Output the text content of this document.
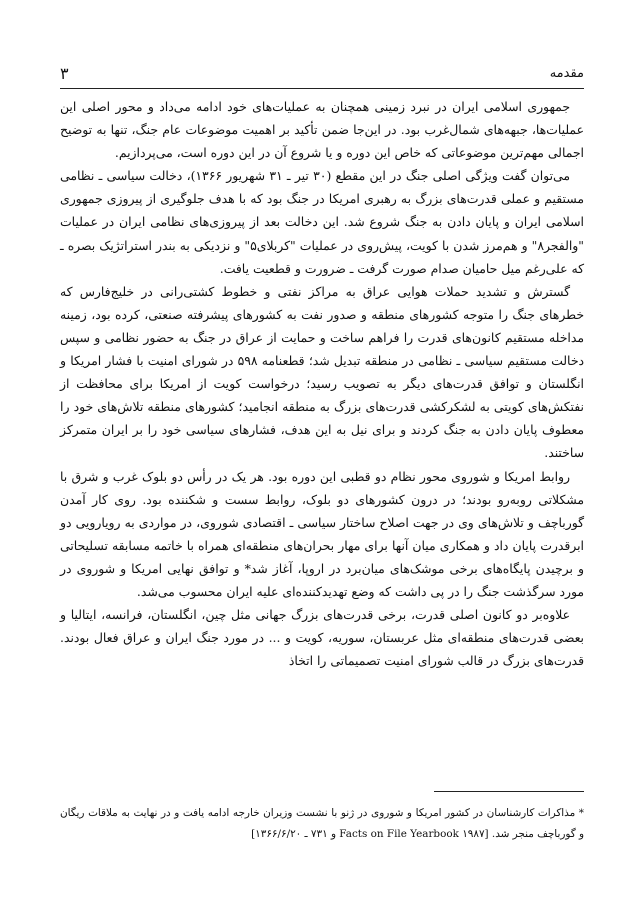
مقدمه
۳

جمهوری اسلامی ایران در نبرد زمینی همچنان به عملیات‌های خود ادامه می‌داد و محور اصلی این عملیات‌ها، جبهه‌های شمال‌غرب بود. در این‌جا ضمن تأکید بر اهمیت موضوعات عام جنگ، تنها به توضیح اجمالی مهم‌ترین موضوعاتی که خاص این دوره و یا شروع آن در این دوره است، می‌پردازیم.

می‌توان گفت ویژگی اصلی جنگ در این مقطع (۳۰ تیر ـ ۳۱ شهریور ۱۳۶۶)، دخالت سیاسی ـ نظامی مستقیم و عملی قدرت‌های بزرگ به رهبری امریکا در جنگ بود که با هدف جلوگیری از پیروزی جمهوری اسلامی ایران و پایان دادن به جنگ شروع شد. این دخالت بعد از پیروزی‌های نظامی ایران در عملیات "والفجر۸" و هم‌مرز شدن با کویت، پیش‌روی در عملیات "کربلای۵" و نزدیکی به بندر استراتژیک بصره ـ که علی‌رغم میل حامیان صدام صورت گرفت ـ ضرورت و قطعیت یافت.

گسترش و تشدید حملات هوایی عراق به مراکز نفتی و خطوط کشتی‌رانی در خلیج‌فارس که خطرهای جنگ را متوجه کشورهای منطقه و صدور نفت به کشورهای پیشرفته صنعتی، کرده بود، زمینه مداخله مستقیم کانون‌های قدرت را فراهم ساخت و حمایت از عراق در جنگ به حضور نظامی و سپس دخالت مستقیم سیاسی ـ نظامی در منطقه تبدیل شد؛ قطعنامه ۵۹۸ در شورای امنیت با فشار امریکا و انگلستان و توافق قدرت‌های دیگر به تصویب رسید؛ درخواست کویت از امریکا برای محافظت از نفتکش‌های کویتی به لشکرکشی قدرت‌های بزرگ به منطقه انجامید؛ کشورهای منطقه تلاش‌های خود را معطوف پایان دادن به جنگ کردند و برای نیل به این هدف، فشارهای سیاسی خود را بر ایران متمرکز ساختند.

روابط امریکا و شوروی محور نظام دو قطبی این دوره بود. هر یک در رأس دو بلوک غرب و شرق با مشکلاتی روبه‌رو بودند؛ در درون کشورهای دو بلوک، روابط سست و شکننده بود. روی کار آمدن گورباچف و تلاش‌های وی در جهت اصلاح ساختار سیاسی ـ اقتصادی شوروی، در مواردی به رویارویی دو ابرقدرت پایان داد و همکاری میان آنها برای مهار بحران‌های منطقه‌ای همراه با خاتمه مسابقه تسلیحاتی و برچیدن پایگاه‌های برخی موشک‌های میان‌برد در اروپا، آغاز شد* و توافق نهایی امریکا و شوروی در مورد سرگذشت جنگ را در پی داشت که وضع تهدیدکننده‌ای علیه ایران محسوب می‌شد.

علاوه‌بر دو کانون اصلی قدرت، برخی قدرت‌های بزرگ جهانی مثل چین، انگلستان، فرانسه، ایتالیا و بعضی قدرت‌های منطقه‌ای مثل عربستان، سوریه، کویت و ... در مورد جنگ ایران و عراق فعال بودند. قدرت‌های بزرگ در قالب شورای امنیت تصمیماتی را اتخاذ

* مذاکرات کارشناسان در کشور امریکا و شوروی در ژنو با نشست وزیران خارجه ادامه یافت و در نهایت به ملاقات ریگان و گورباچف منجر شد. [Facts on File Yearbook ۱۹۸۷ و ۷۳۱ ـ ۱۳۶۶/۶/۲۰]
